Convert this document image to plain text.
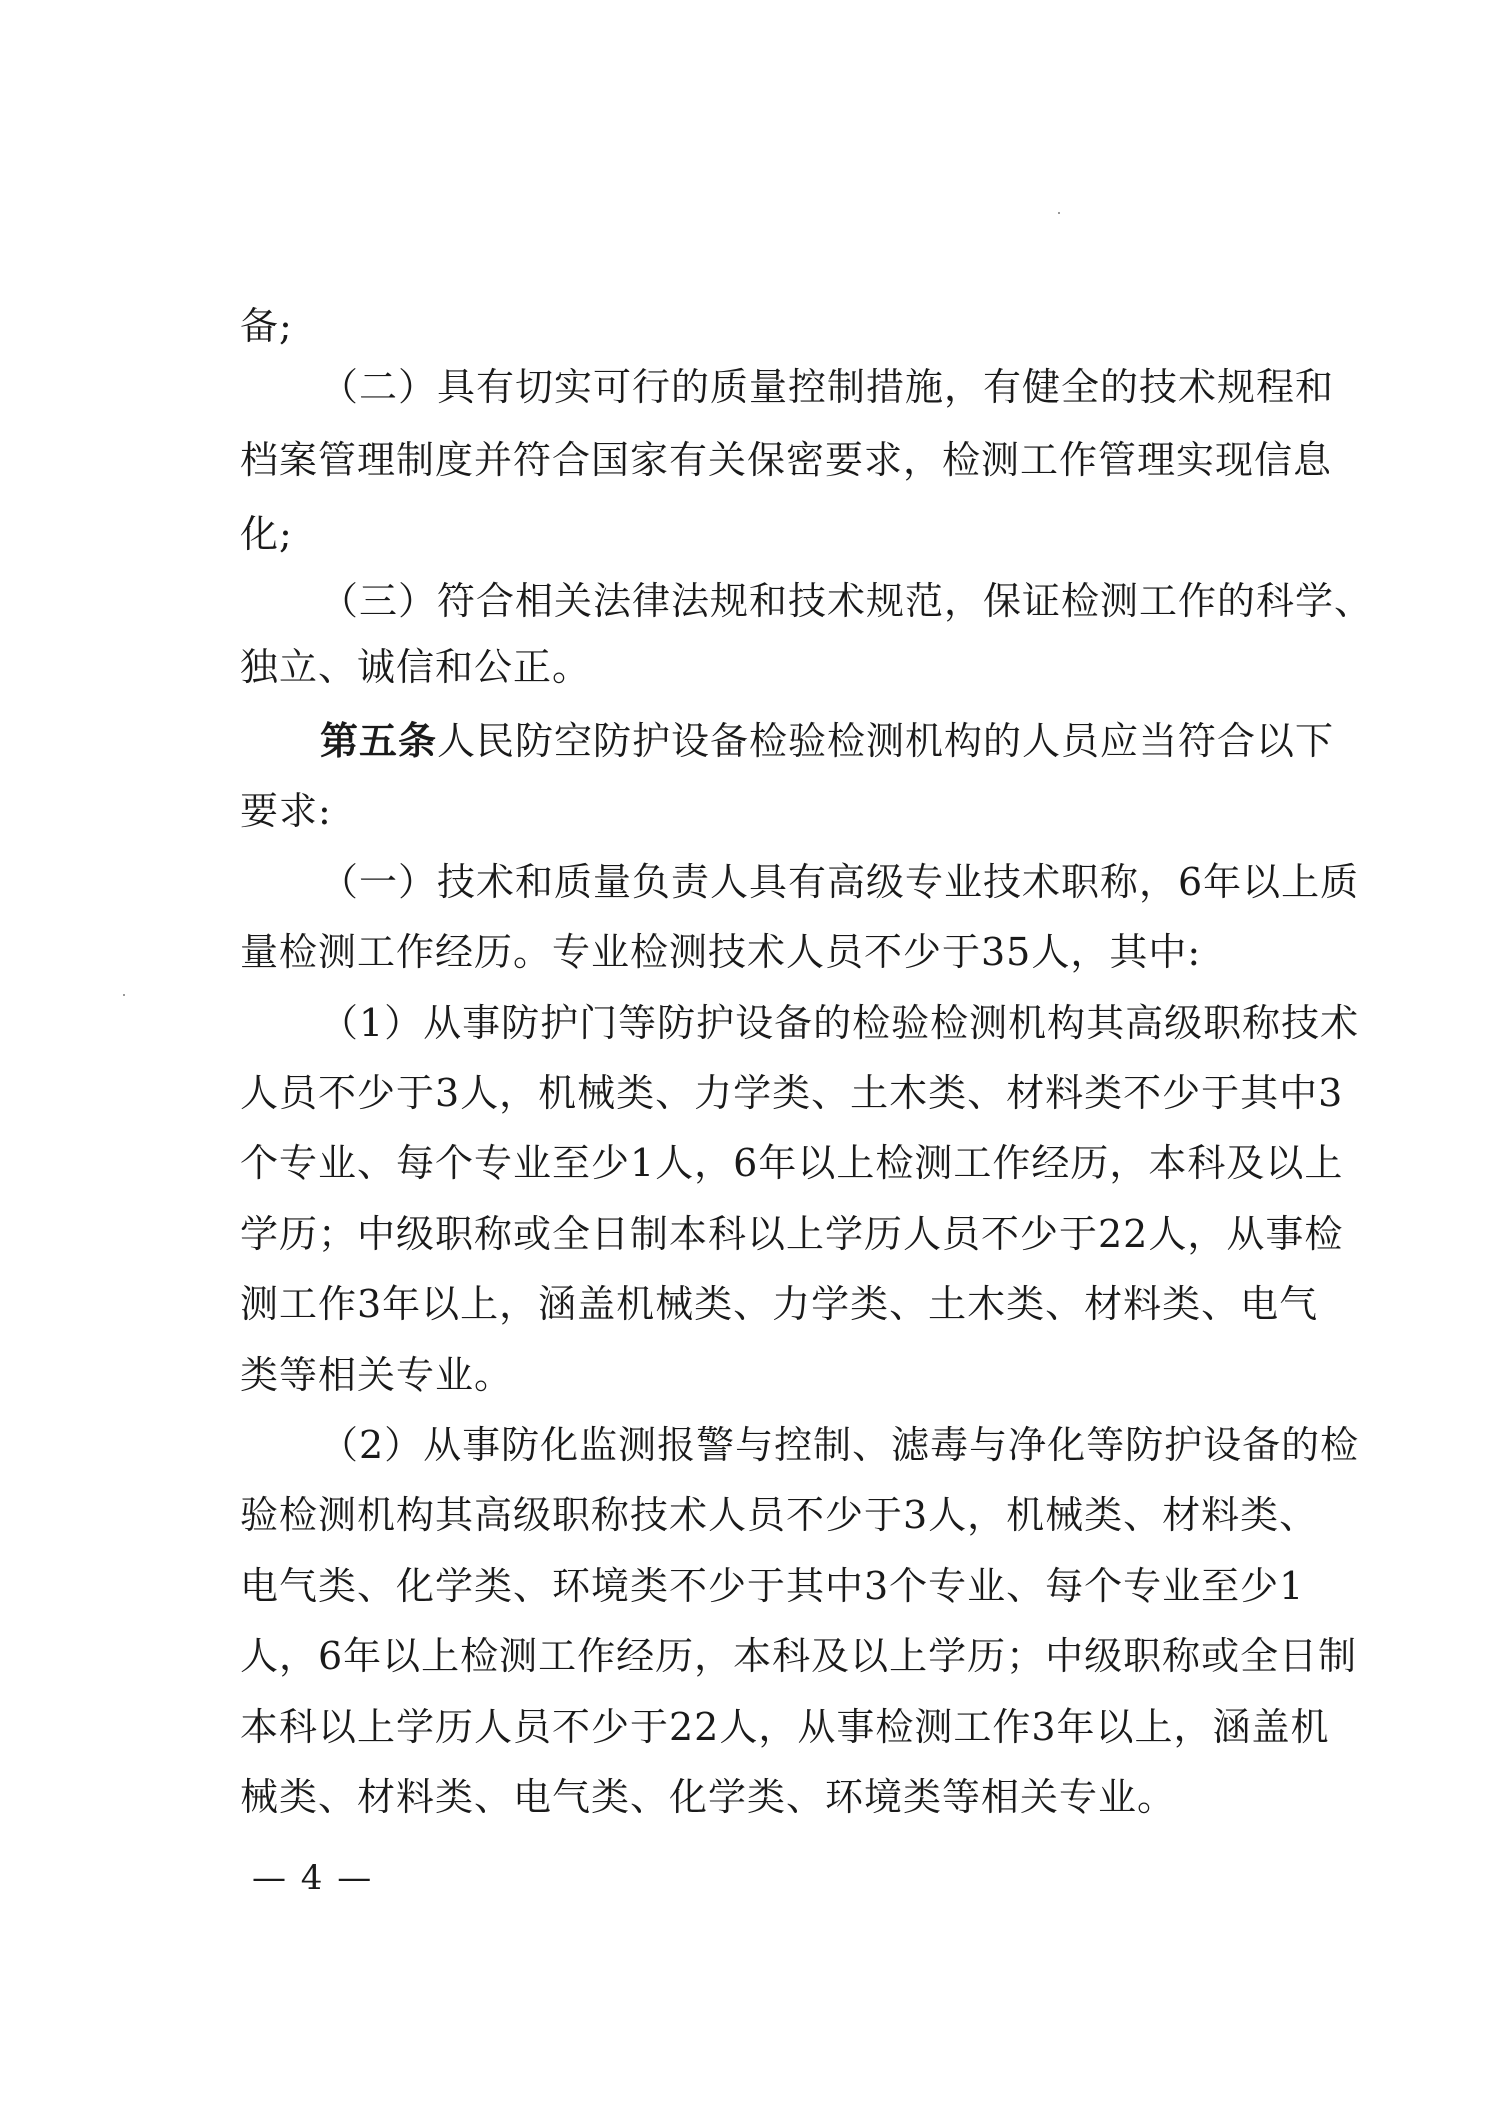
备;
（二）具有切实可行的质量控制措施，有健全的技术规程和
档案管理制度并符合国家有关保密要求，检测工作管理实现信息
化;
（三）符合相关法律法规和技术规范，保证检测工作的科学、
独立、诚信和公正。
第五条人民防空防护设备检验检测机构的人员应当符合以下
要求:
（一）技术和质量负责人具有高级专业技术职称，6年以上质
量检测工作经历。专业检测技术人员不少于35人，其中:
（1）从事防护门等防护设备的检验检测机构其高级职称技术
人员不少于3人，机械类、力学类、土木类、材料类不少于其中3
个专业、每个专业至少1人，6年以上检测工作经历，本科及以上
学历；中级职称或全日制本科以上学历人员不少于22人，从事检
测工作3年以上，涵盖机械类、力学类、土木类、材料类、电气
类等相关专业。
（2）从事防化监测报警与控制、滤毒与净化等防护设备的检
验检测机构其高级职称技术人员不少于3人，机械类、材料类、
电气类、化学类、环境类不少于其中3个专业、每个专业至少1
人，6年以上检测工作经历，本科及以上学历；中级职称或全日制
本科以上学历人员不少于22人，从事检测工作3年以上，涵盖机
械类、材料类、电气类、化学类、环境类等相关专业。
— 4 —
